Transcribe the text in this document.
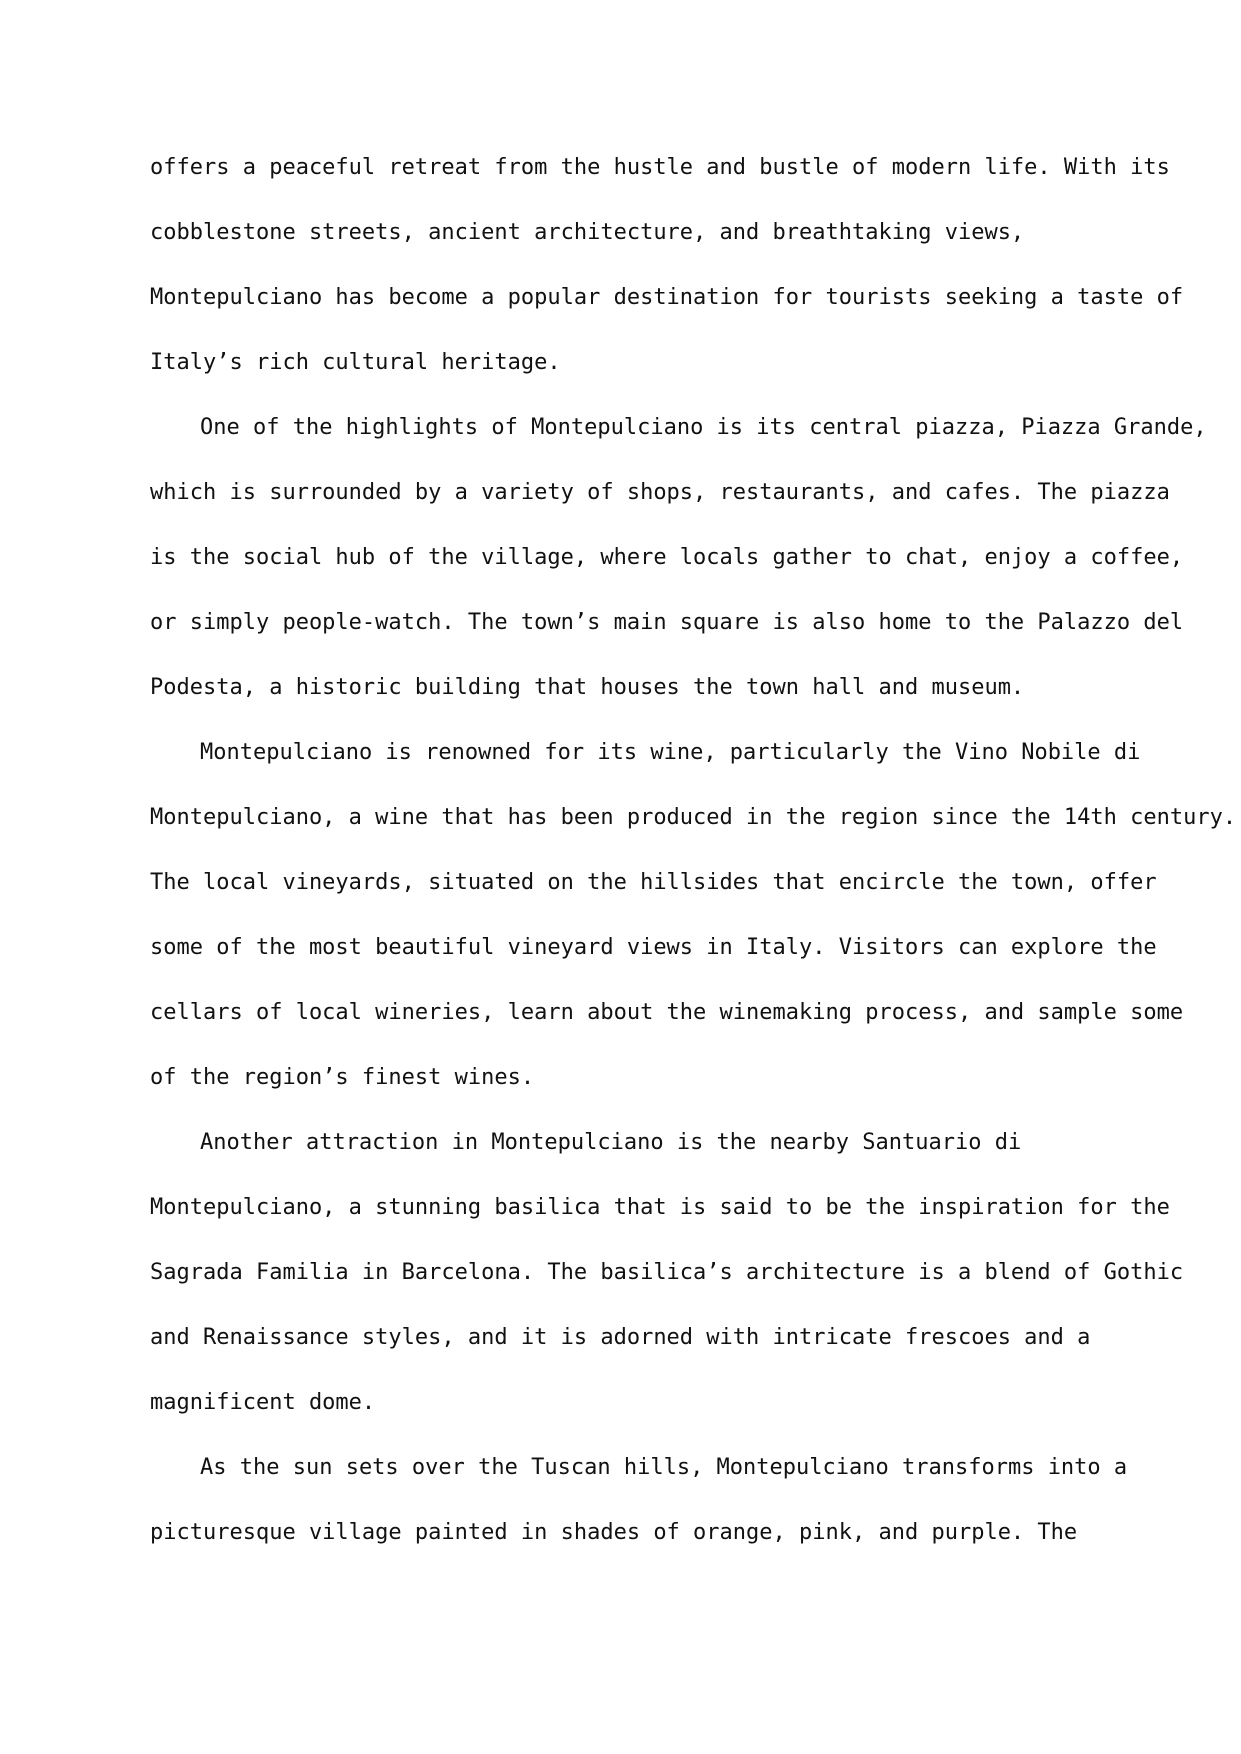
offers a peaceful retreat from the hustle and bustle of modern life. With its
cobblestone streets, ancient architecture, and breathtaking views,
Montepulciano has become a popular destination for tourists seeking a taste of
Italy’s rich cultural heritage.
One of the highlights of Montepulciano is its central piazza, Piazza Grande,
which is surrounded by a variety of shops, restaurants, and cafes. The piazza
is the social hub of the village, where locals gather to chat, enjoy a coffee,
or simply people-watch. The town’s main square is also home to the Palazzo del
Podesta, a historic building that houses the town hall and museum.
Montepulciano is renowned for its wine, particularly the Vino Nobile di
Montepulciano, a wine that has been produced in the region since the 14th century.
The local vineyards, situated on the hillsides that encircle the town, offer
some of the most beautiful vineyard views in Italy. Visitors can explore the
cellars of local wineries, learn about the winemaking process, and sample some
of the region’s finest wines.
Another attraction in Montepulciano is the nearby Santuario di
Montepulciano, a stunning basilica that is said to be the inspiration for the
Sagrada Familia in Barcelona. The basilica’s architecture is a blend of Gothic
and Renaissance styles, and it is adorned with intricate frescoes and a
magnificent dome.
As the sun sets over the Tuscan hills, Montepulciano transforms into a
picturesque village painted in shades of orange, pink, and purple. The
